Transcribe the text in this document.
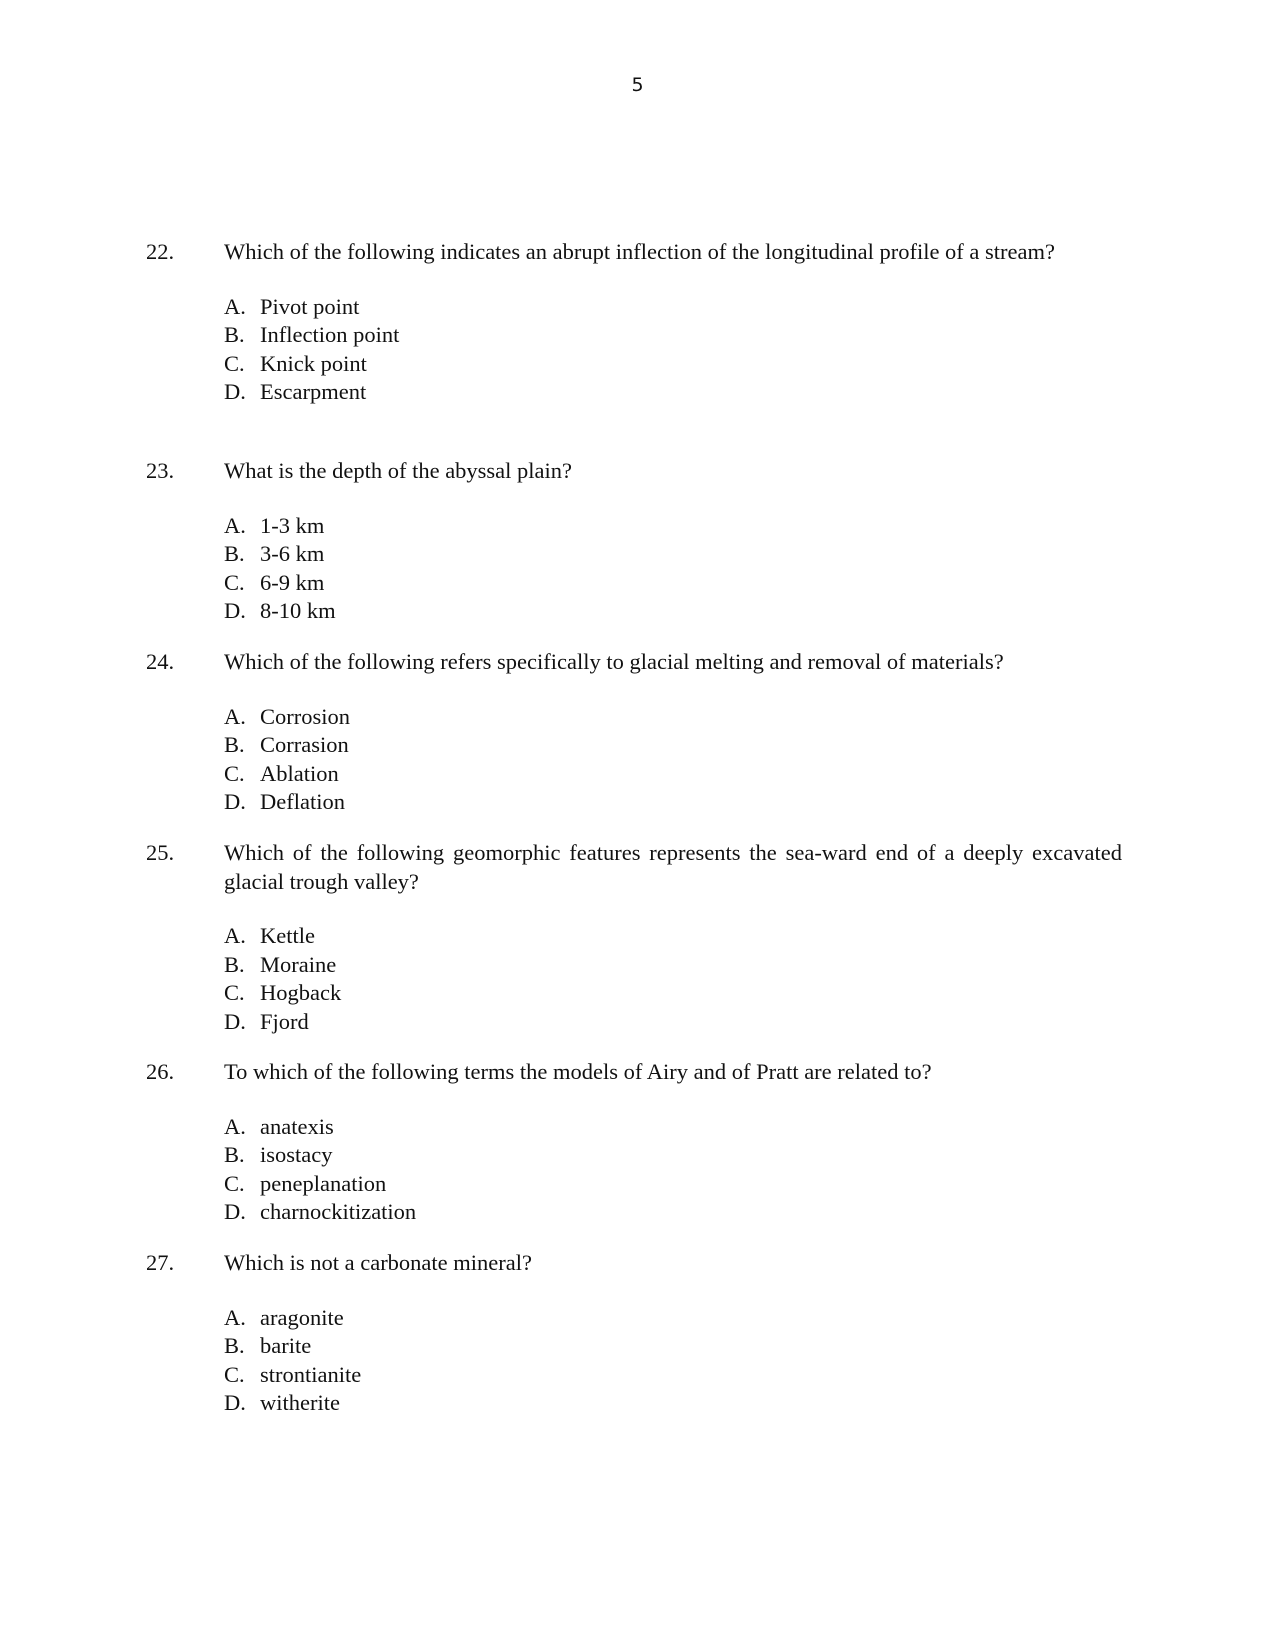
5
22. Which of the following indicates an abrupt inflection of the longitudinal profile of a stream?
A. Pivot point
B. Inflection point
C. Knick point
D. Escarpment
23. What is the depth of the abyssal plain?
A. 1-3 km
B. 3-6 km
C. 6-9 km
D. 8-10 km
24. Which of the following refers specifically to glacial melting and removal of materials?
A. Corrosion
B. Corrasion
C. Ablation
D. Deflation
25. Which of the following geomorphic features represents the sea-ward end of a deeply excavated glacial trough valley?
A. Kettle
B. Moraine
C. Hogback
D. Fjord
26. To which of the following terms the models of Airy and of Pratt are related to?
A. anatexis
B. isostacy
C. peneplanation
D. charnockitization
27. Which is not a carbonate mineral?
A. aragonite
B. barite
C. strontianite
D. witherite
